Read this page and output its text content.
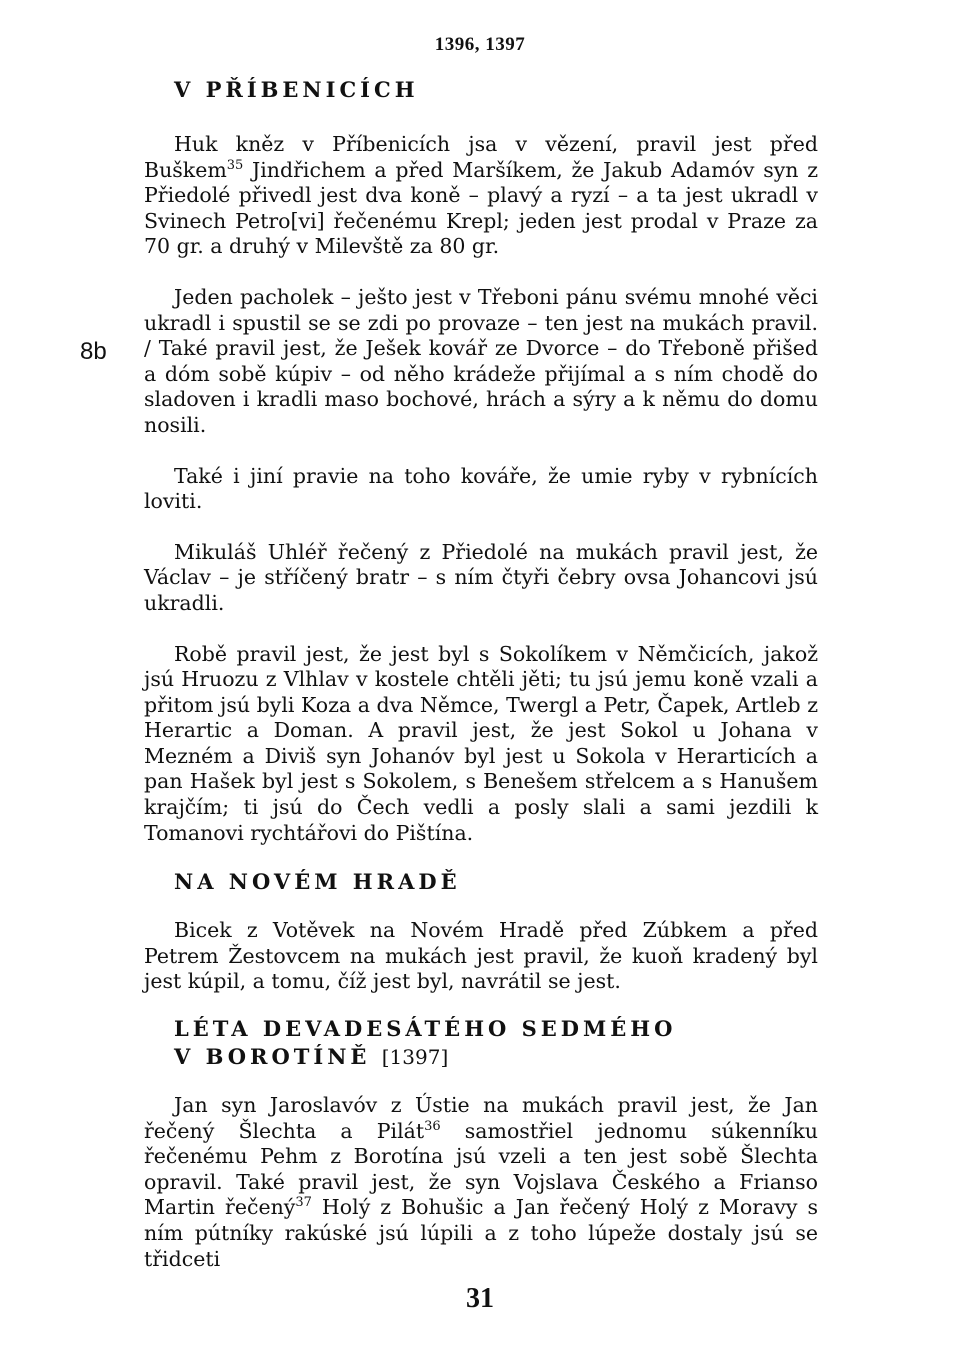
1396, 1397
8b
V PŘÍBENICÍCH

Huk kněz v Příbenicích jsa v vězení, pravil jest před Buškem$^{35}$ Jindřichem a před Maršíkem, že Jakub Adamóv syn z Přiedolé přivedl jest dva koně – plavý a ryzí – a ta jest ukradl v Svinech Petro[vi] řečenému Krepl; jeden jest prodal v Praze za 70 gr. a druhý v Milevště za 80 gr.

Jeden pacholek – ješto jest v Třeboni pánu svému mnohé věci ukradl i spustil se se zdi po provaze – ten jest na mukách pravil. / Také pravil jest, že Ješek kovář ze Dvorce – do Třeboně přišed a dóm sobě kúpiv – od něho krádeže přijímal a s ním chodě do sladoven i kradli maso bochové, hrách a sýry a k němu do domu nosili.

Také i jiní pravie na toho kováře, že umie ryby v rybnících loviti.

Mikuláš Uhléř řečený z Přiedolé na mukách pravil jest, že Václav – je stříčený bratr – s ním čtyři čebry ovsa Johancovi jsú ukradli.

Robě pravil jest, že jest byl s Sokolíkem v Němčicích, jakož jsú Hruozu z Vlhlav v kostele chtěli jěti; tu jsú jemu koně vzali a přitom jsú byli Koza a dva Němce, Twergl a Petr, Čapek, Artleb z Herartic a Doman. A pravil jest, že jest Sokol u Johana v Mezném a Diviš syn Johanóv byl jest u Sokola v Herarticích a pan Hašek byl jest s Sokolem, s Benešem střelcem a s Hanušem krajčím; ti jsú do Čech vedli a posly slali a sami jezdili k Tomanovi rychtářovi do Pištína.

NA NOVÉM HRADĚ

Bicek z Votěvek na Novém Hradě před Zúbkem a před Petrem Žestovcem na mukách jest pravil, že kuoň kradený byl jest kúpil, a tomu, číž jest byl, navrátil se jest.

LÉTA DEVADESÁTÉHO SEDMÉHO
V BOROTÍNĚ [1397]

Jan syn Jaroslavóv z Ústie na mukách pravil jest, že Jan řečený Šlechta a Pilát$^{36}$ samostřiel jednomu súkenníku řečenému Pehm z Borotína jsú vzeli a ten jest sobě Šlechta opravil. Také pravil jest, že syn Vojslava Českého a Frianso Martin řečený$^{37}$ Holý z Bohušic a Jan řečený Holý z Moravy s ním pútníky rakúské jsú lúpili a z toho lúpeže dostaly jsú se třidceti

31
